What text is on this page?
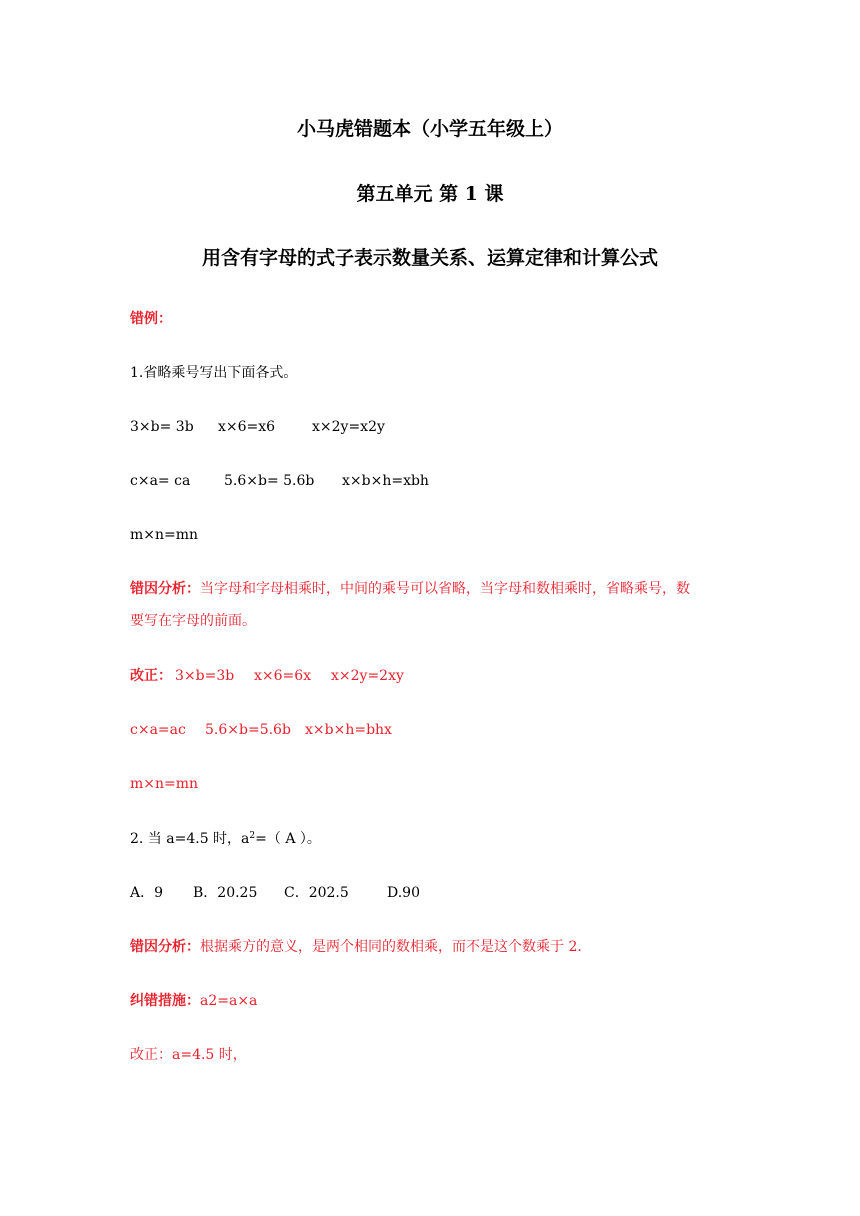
小马虎错题本（小学五年级上）
第五单元 第 1 课
用含有字母的式子表示数量关系、运算定律和计算公式
错例：
1.省略乘号写出下面各式。
3×b= 3b x×6=x6	x×2y=x2y
c×a= ca 5.6×b= 5.6b x×b×h=xbh
m×n=mn
错因分析：当字母和字母相乘时，中间的乘号可以省略，当字母和数相乘时，省略乘号，数
要写在字母的前面。
改正： 3×b=3b x×6=6x x×2y=2xy
c×a=ac 5.6×b=5.6b x×b×h=bhx
m×n=mn
2. 当 a=4.5 时，$a^2=$（ A ）。
A．9 B．20.25 C．202.5	D.90
错因分析：根据乘方的意义，是两个相同的数相乘，而不是这个数乘于 2.
纠错措施：a2=a×a
改正：a=4.5 时，
